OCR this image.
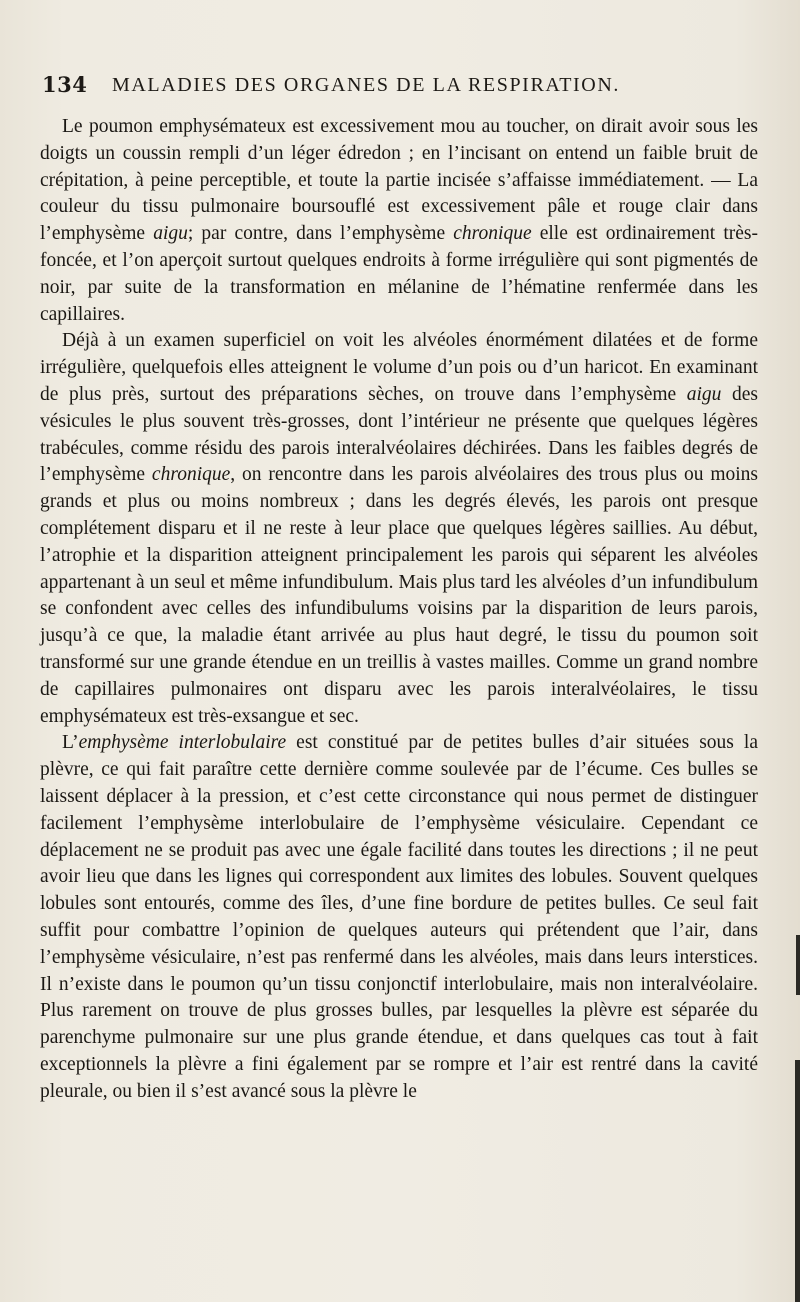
134 MALADIES DES ORGANES DE LA RESPIRATION.

Le poumon emphysémateux est excessivement mou au toucher, on dirait avoir sous les doigts un coussin rempli d’un léger édredon ; en l’incisant on entend un faible bruit de crépitation, à peine perceptible, et toute la partie incisée s’affaisse immédiatement. — La couleur du tissu pulmonaire boursouflé est excessivement pâle et rouge clair dans l’emphysème aigu; par contre, dans l’emphysème chronique elle est ordinairement très-foncée, et l’on aperçoit surtout quelques endroits à forme irrégulière qui sont pigmentés de noir, par suite de la transformation en mélanine de l’hématine renfermée dans les capillaires.

Déjà à un examen superficiel on voit les alvéoles énormément dilatées et de forme irrégulière, quelquefois elles atteignent le volume d’un pois ou d’un haricot. En examinant de plus près, surtout des préparations sèches, on trouve dans l’emphysème aigu des vésicules le plus souvent très-grosses, dont l’intérieur ne présente que quelques légères trabécules, comme résidu des parois interalvéolaires déchirées. Dans les faibles degrés de l’emphysème chronique, on rencontre dans les parois alvéolaires des trous plus ou moins grands et plus ou moins nombreux ; dans les degrés élevés, les parois ont presque complétement disparu et il ne reste à leur place que quelques légères saillies. Au début, l’atrophie et la disparition atteignent principalement les parois qui séparent les alvéoles appartenant à un seul et même infundibulum. Mais plus tard les alvéoles d’un infundibulum se confondent avec celles des infundibulums voisins par la disparition de leurs parois, jusqu’à ce que, la maladie étant arrivée au plus haut degré, le tissu du poumon soit transformé sur une grande étendue en un treillis à vastes mailles. Comme un grand nombre de capillaires pulmonaires ont disparu avec les parois interalvéolaires, le tissu emphysémateux est très-exsangue et sec.

L’emphysème interlobulaire est constitué par de petites bulles d’air situées sous la plèvre, ce qui fait paraître cette dernière comme soulevée par de l’écume. Ces bulles se laissent déplacer à la pression, et c’est cette circonstance qui nous permet de distinguer facilement l’emphysème interlobulaire de l’emphysème vésiculaire. Cependant ce déplacement ne se produit pas avec une égale facilité dans toutes les directions ; il ne peut avoir lieu que dans les lignes qui correspondent aux limites des lobules. Souvent quelques lobules sont entourés, comme des îles, d’une fine bordure de petites bulles. Ce seul fait suffit pour combattre l’opinion de quelques auteurs qui prétendent que l’air, dans l’emphysème vésiculaire, n’est pas renfermé dans les alvéoles, mais dans leurs interstices. Il n’existe dans le poumon qu’un tissu conjonctif interlobulaire, mais non interalvéolaire. Plus rarement on trouve de plus grosses bulles, par lesquelles la plèvre est séparée du parenchyme pulmonaire sur une plus grande étendue, et dans quelques cas tout à fait exceptionnels la plèvre a fini également par se rompre et l’air est rentré dans la cavité pleurale, ou bien il s’est avancé sous la plèvre le
